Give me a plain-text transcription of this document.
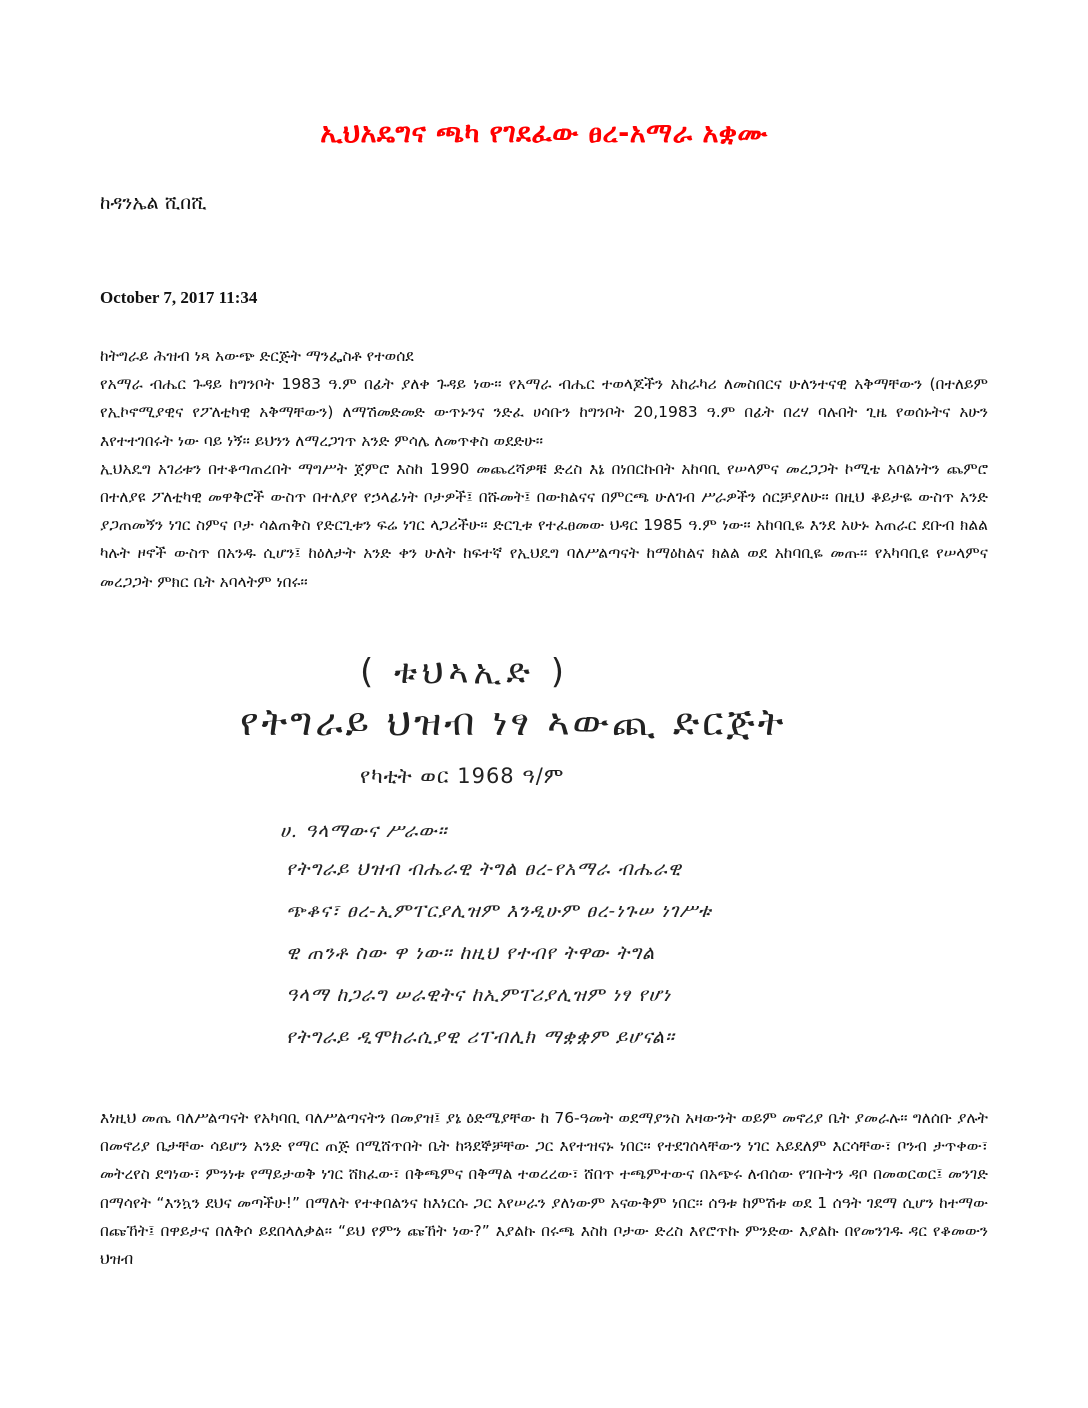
ኢህአዴግና ጫካ የገደፈው ፀረ-አማራ አቋሙ
ከዳንኤል ሺበሺ
October 7, 2017 11:34

ከትግራይ ሕዝብ ነጻ አውጭ ድርጅት ማንፌስቶ የተወሰደ

የአማራ ብሔር ጉዳይ ከግንቦት 1983 ዓ.ም በፊት ያለቀ ጉዳይ ነው፡፡ የአማራ ብሔር ተወላጆችን አከራካሪ ለመስበርና ሁለንተናዊ አቅማቸውን (በተለይም የኢኮኖሚያዊና የፖለቲካዊ አቅማቸውን) ለማሽመድመድ ውጥኑንና ንድፈ ሀሳቡን ከግንቦት 20,1983 ዓ.ም በፊት በረሃ ባሉበት ጊዜ የወሰኑትና አሁን እየተተገበሩት ነው ባይ ነኝ፡፡ ይህንን ለማረጋገጥ አንድ ምሳሌ ለመጥቀስ ወደድሁ፡፡

ኢህአዴግ አገሪቱን በተቆጣጠረበት ማግሥት ጀምሮ እስከ 1990 መጨረሻዎቹ ድረስ እኔ በነበርኩበት አከባቢ የሠላምና መረጋጋት ኮሚቴ አባልነትን ጨምሮ በተለያዩ ፖለቲካዊ መዋቅሮች ውስጥ በተለያየ የኃላፊነት ቦታዎች፤ በሹመት፤ በውክልናና በምርጫ ሁለገብ ሥራዎችን ሰርቻያለሁ፡፡ በዚህ ቆይታዬ ውስጥ አንድ ያጋጠመኝን ነገር ስምና ቦታ ሳልጠቅስ የድርጊቱን ፍሬ ነገር ላጋሪችሁ፡፡ ድርጊቱ የተፈፀመው ህዳር 1985 ዓ.ም ነው፡፡ አከባቢዬ እንደ አሁኑ አጠራር ደቡብ ክልል ካሉት ዞኖች ውስጥ በአንዱ ሲሆን፤ ከዕለታት አንድ ቀን ሁለት ከፍተኛ የኢህዴግ ባለሥልጣናት ከማዕከልና ክልል ወደ አከባቢዬ መጡ፡፡ የአካባቢዩ የሠላምና መረጋጋት ምክር ቤት አባላትም ነበሩ፡፡

( ቱህኣኢድ )
የትግራይ ህዝብ ነፃ ኣውጪ ድርጅት
የካቲት ወር 1968 ዓ/ም
ሀ. ዓላማውና ሥራው።
የትግራይ ህዝብ ብሔራዊ ትግል ፀረ-የአማራ ብሔራዊ
ጭቆና፣ ፀረ-ኢምፐርያሊዝም እንዲሁም ፀረ-ነጉሠ ነገሥቱ
ዊ ጠንቶ ስው ዋ ነው። ከዚህ የተብየ ትዋው ትግል
ዓላማ ከጋራግ ሠራዊትና ከኢምፐሪያሊዝም ነፃ የሆነ
የትግራይ ዲሞክራሲያዊ ሪፐብሊክ ማቋቋም ይሆናል።

እነዚህ መጤ ባለሥልጣናት የአካባቢ ባለሥልጣናትን በመያዝ፤ ያኔ ዕድሜያቸው ከ 76-ዓመት ወደማያንስ አዛውንት ወይም መኖሪያ ቤት ያመራሉ፡፡ ግለሰቡ ያሉት በመኖሪያ ቤታቸው ሳይሆን አንድ የማር ጠጅ በሚሸጥበት ቤት ከጓደኞቻቸው ጋር እየተዝናኑ ነበር፡፡ የተደገሰላቸውን ነገር አይደለም እርሳቸው፣ ቦንብ ታጥቀው፣ መትረየስ ደግነው፣ ምንነቱ የማይታወቅ ነገር ሸክፈው፣ በቅጫምና በቅማል ተወረረው፣ ሸበጥ ተጫምተውና በአጭሩ ለብሰው የገቡትን ዳቦ በመወርወር፤ መንገድ በማሳየት “እንኳን ደህና መጣችሁ!” በማለት የተቀበልንና ከእነርሱ ጋር እየሠራን ያለነውም አናውቅም ነበር፡፡ ሰዓቱ ከምሽቱ ወደ 1 ሰዓት ገደማ ሲሆን ከተማው በጩኸት፤ በዋይታና በለቅሶ ይደበላለቃል፡፡ “ይህ የምን ጩኸት ነው?” እያልኩ በሩጫ እስከ ቦታው ድረስ እየሮጥኩ ምንድው እያልኩ በየመንገዱ ዳር የቆመውን ህዝብ
